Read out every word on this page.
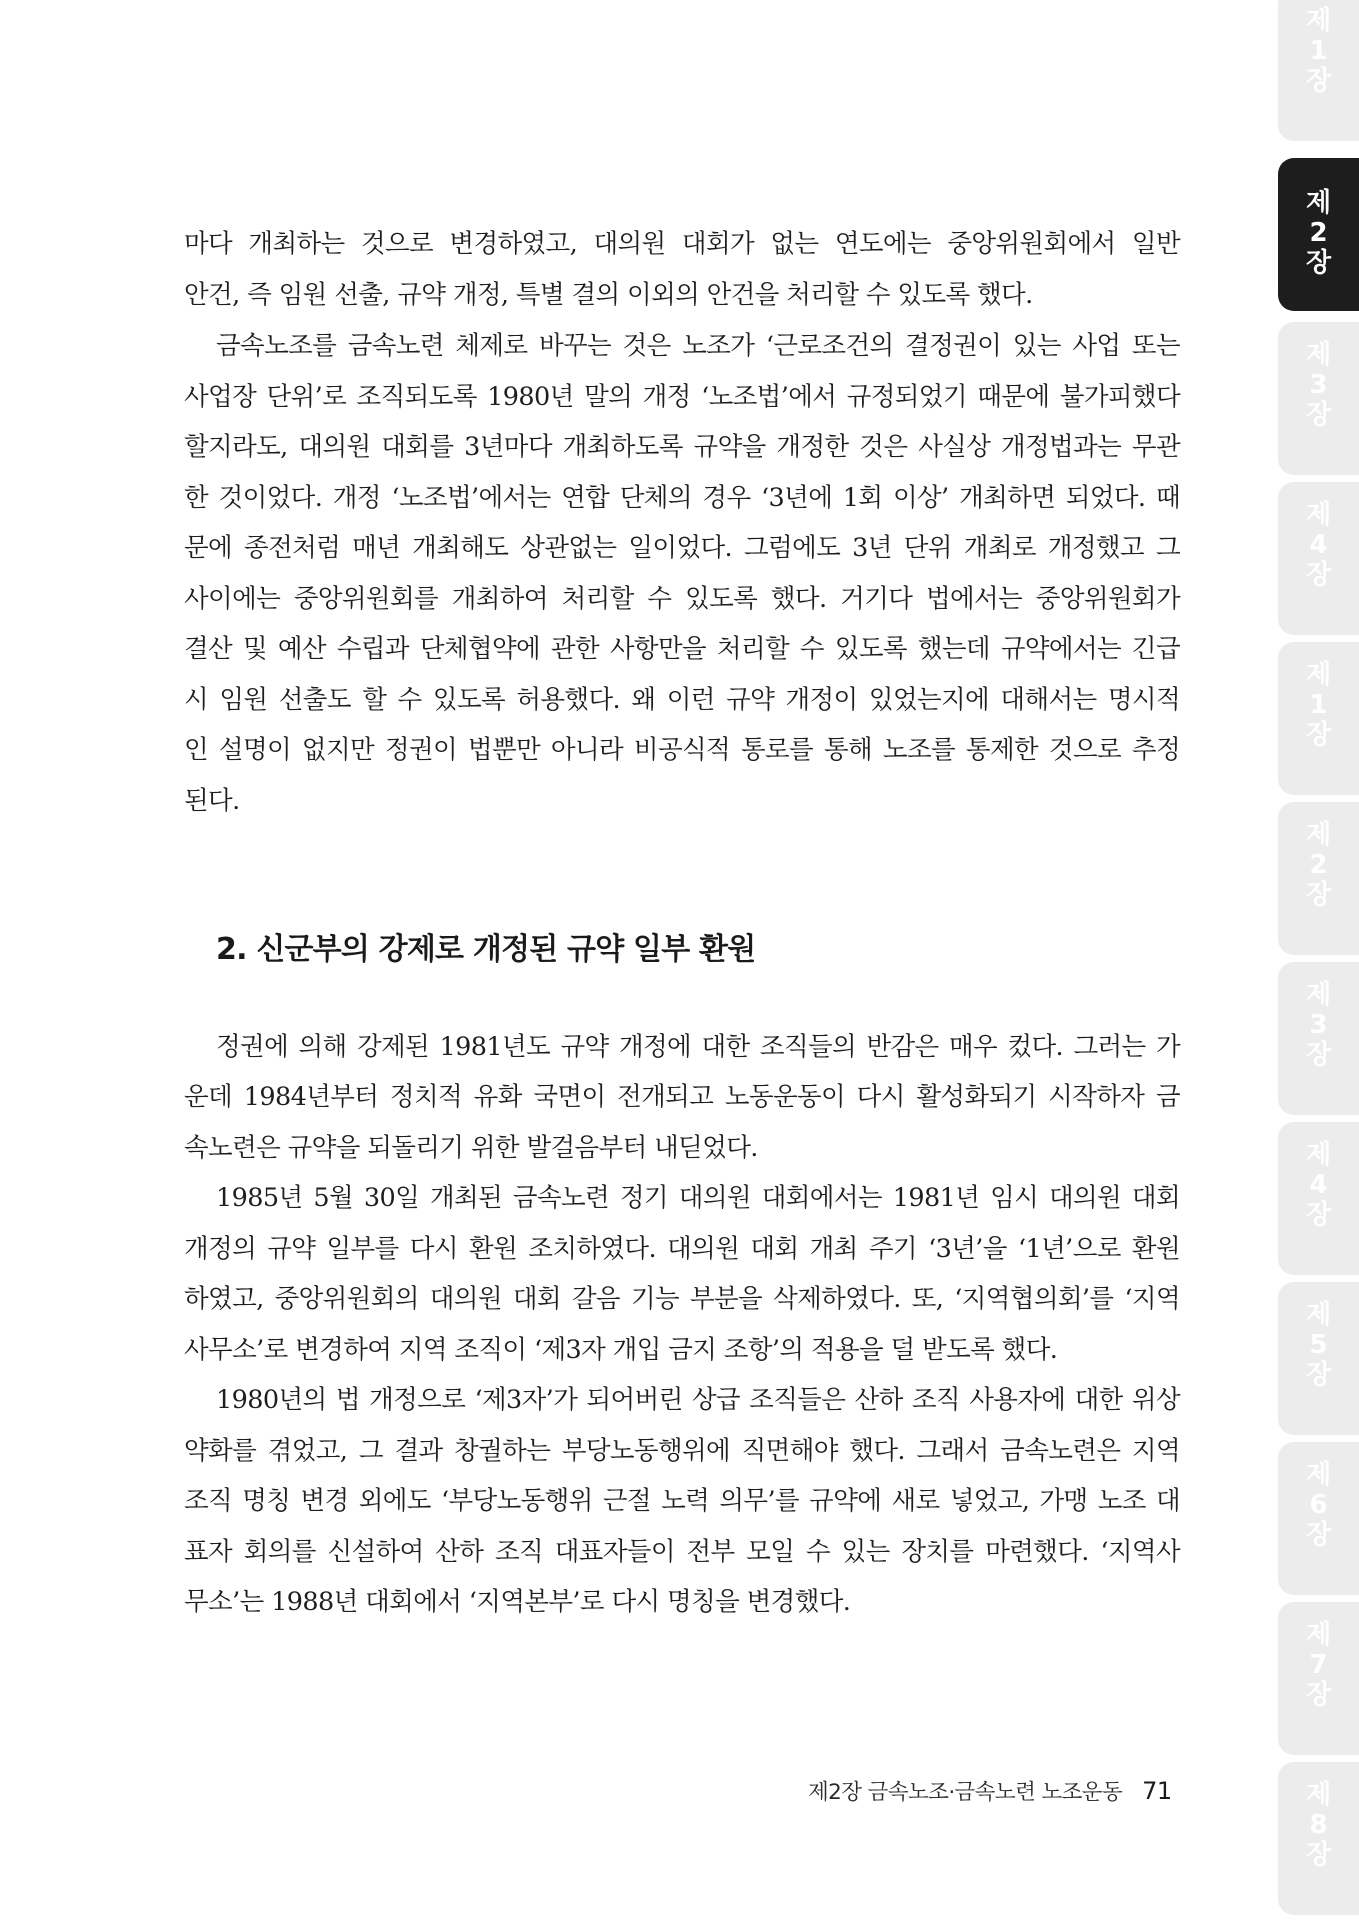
마다 개최하는 것으로 변경하였고, 대의원 대회가 없는 연도에는 중앙위원회에서 일반
안건, 즉 임원 선출, 규약 개정, 특별 결의 이외의 안건을 처리할 수 있도록 했다.
금속노조를 금속노련 체제로 바꾸는 것은 노조가 ‘근로조건의 결정권이 있는 사업 또는
사업장 단위’로 조직되도록 1980년 말의 개정 ‘노조법’에서 규정되었기 때문에 불가피했다
할지라도, 대의원 대회를 3년마다 개최하도록 규약을 개정한 것은 사실상 개정법과는 무관
한 것이었다. 개정 ‘노조법’에서는 연합 단체의 경우 ‘3년에 1회 이상’ 개최하면 되었다. 때
문에 종전처럼 매년 개최해도 상관없는 일이었다. 그럼에도 3년 단위 개최로 개정했고 그
사이에는 중앙위원회를 개최하여 처리할 수 있도록 했다. 거기다 법에서는 중앙위원회가
결산 및 예산 수립과 단체협약에 관한 사항만을 처리할 수 있도록 했는데 규약에서는 긴급
시 임원 선출도 할 수 있도록 허용했다. 왜 이런 규약 개정이 있었는지에 대해서는 명시적
인 설명이 없지만 정권이 법뿐만 아니라 비공식적 통로를 통해 노조를 통제한 것으로 추정
된다.
2. 신군부의 강제로 개정된 규약 일부 환원
정권에 의해 강제된 1981년도 규약 개정에 대한 조직들의 반감은 매우 컸다. 그러는 가
운데 1984년부터 정치적 유화 국면이 전개되고 노동운동이 다시 활성화되기 시작하자 금
속노련은 규약을 되돌리기 위한 발걸음부터 내딛었다.
1985년 5월 30일 개최된 금속노련 정기 대의원 대회에서는 1981년 임시 대의원 대회
개정의 규약 일부를 다시 환원 조치하였다. 대의원 대회 개최 주기 ‘3년’을 ‘1년’으로 환원
하였고, 중앙위원회의 대의원 대회 갈음 기능 부분을 삭제하였다. 또, ‘지역협의회’를 ‘지역
사무소’로 변경하여 지역 조직이 ‘제3자 개입 금지 조항’의 적용을 덜 받도록 했다.
1980년의 법 개정으로 ‘제3자’가 되어버린 상급 조직들은 산하 조직 사용자에 대한 위상
약화를 겪었고, 그 결과 창궐하는 부당노동행위에 직면해야 했다. 그래서 금속노련은 지역
조직 명칭 변경 외에도 ‘부당노동행위 근절 노력 의무’를 규약에 새로 넣었고, 가맹 노조 대
표자 회의를 신설하여 산하 조직 대표자들이 전부 모일 수 있는 장치를 마련했다. ‘지역사
무소’는 1988년 대회에서 ‘지역본부’로 다시 명칭을 변경했다.
제2장 금속노조·금속노련 노조운동 71
제
1
장
제
2
장
제
3
장
제
4
장
제
1
장
제
2
장
제
3
장
제
4
장
제
5
장
제
6
장
제
7
장
제
8
장
